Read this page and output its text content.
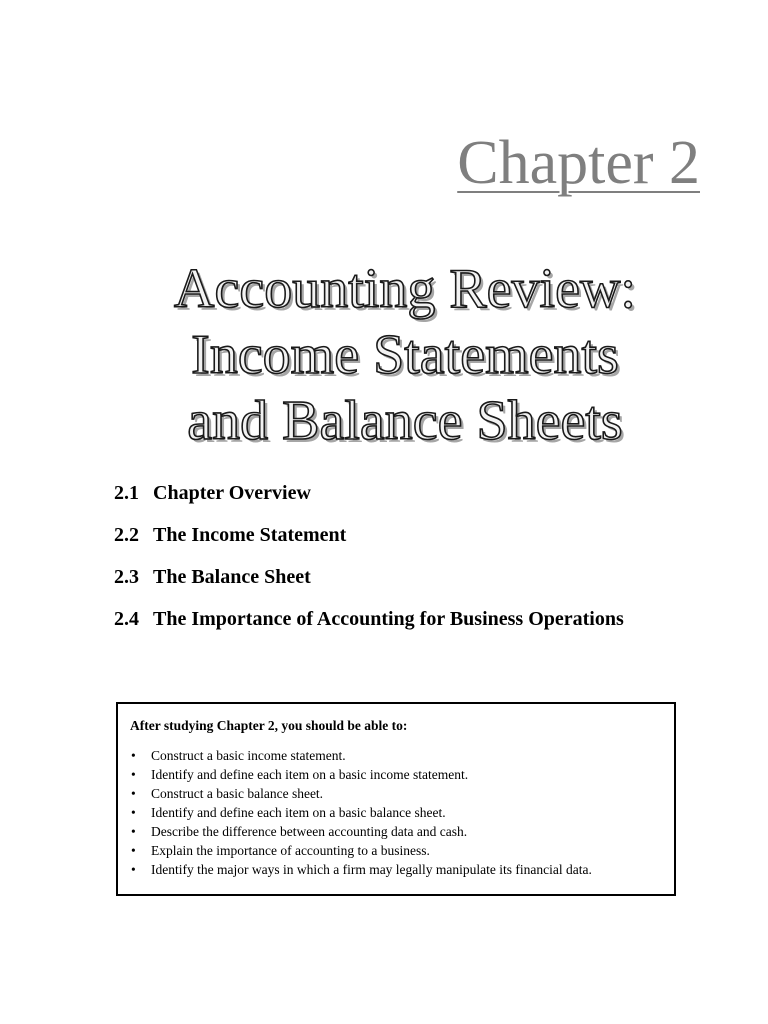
Chapter 2
Accounting Review:
Income Statements
and Balance Sheets
2.1 Chapter Overview
2.2 The Income Statement
2.3 The Balance Sheet
2.4 The Importance of Accounting for Business Operations

After studying Chapter 2, you should be able to:

• Construct a basic income statement.
• Identify and define each item on a basic income statement.
• Construct a basic balance sheet.
• Identify and define each item on a basic balance sheet.
• Describe the difference between accounting data and cash.
• Explain the importance of accounting to a business.
• Identify the major ways in which a firm may legally manipulate its financial data.
